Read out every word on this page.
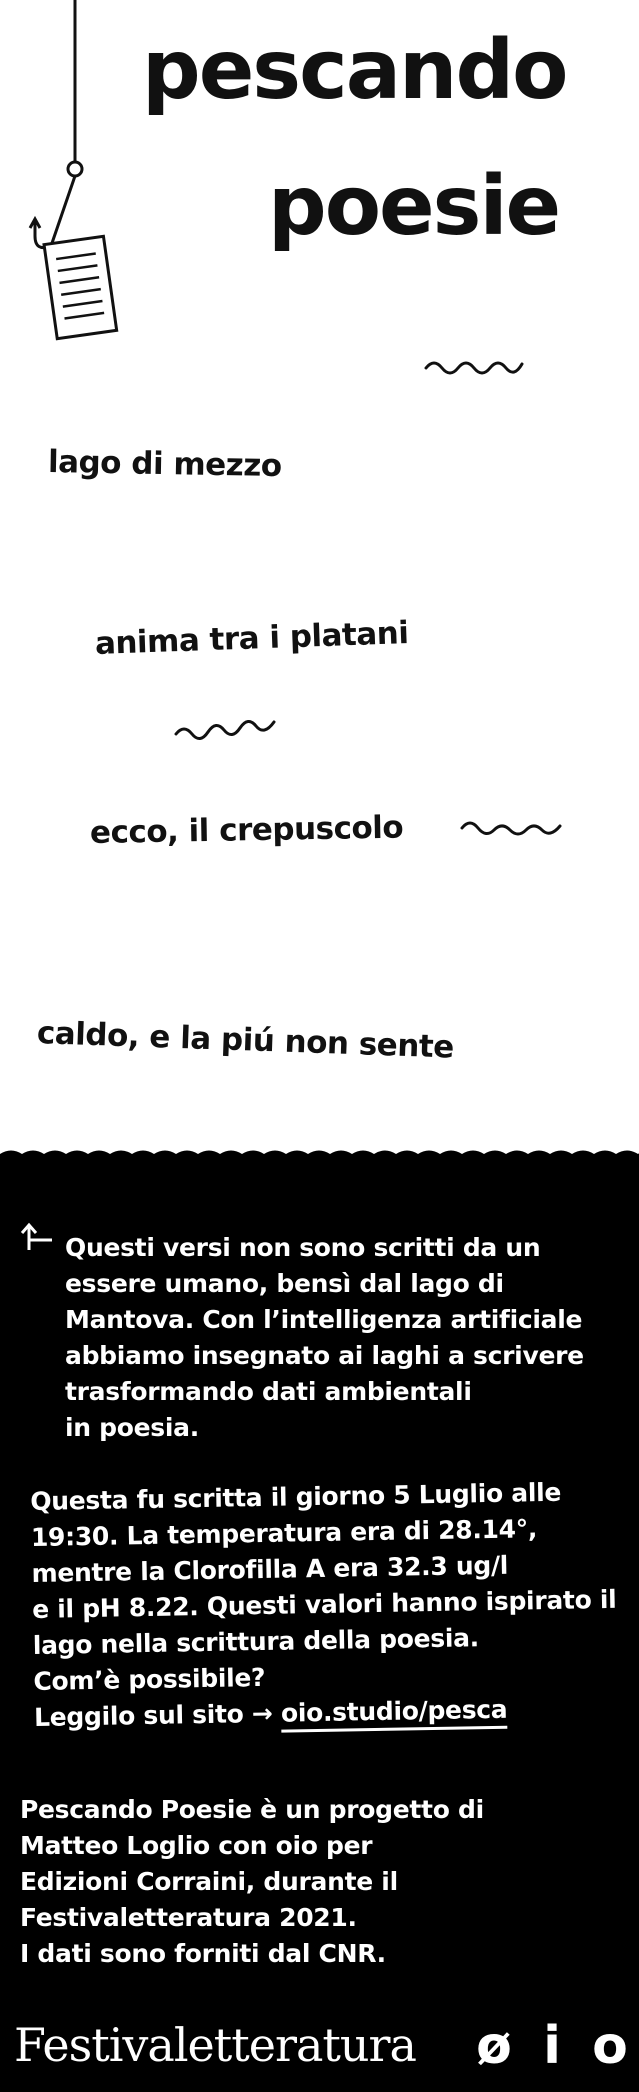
pescando
poesie
lago di mezzo
anima tra i platani
ecco, il crepuscolo
caldo, e la piú non sente
Questi versi non sono scritti da un
essere umano, bensì dal lago di
Mantova. Con l’intelligenza artificiale
abbiamo insegnato ai laghi a scrivere
trasformando dati ambientali
in poesia.
Questa fu scritta il giorno 5 Luglio alle
19:30. La temperatura era di 28.14°,
mentre la Clorofilla A era 32.3 ug/l
e il pH 8.22. Questi valori hanno ispirato il
lago nella scrittura della poesia.
Com’è possibile?
Leggilo sul sito → oio.studio/pesca
Pescando Poesie è un progetto di
Matteo Loglio con oio per
Edizioni Corraini, durante il
Festivaletteratura 2021.
I dati sono forniti dal CNR.
Festivaletteratura ø i o
